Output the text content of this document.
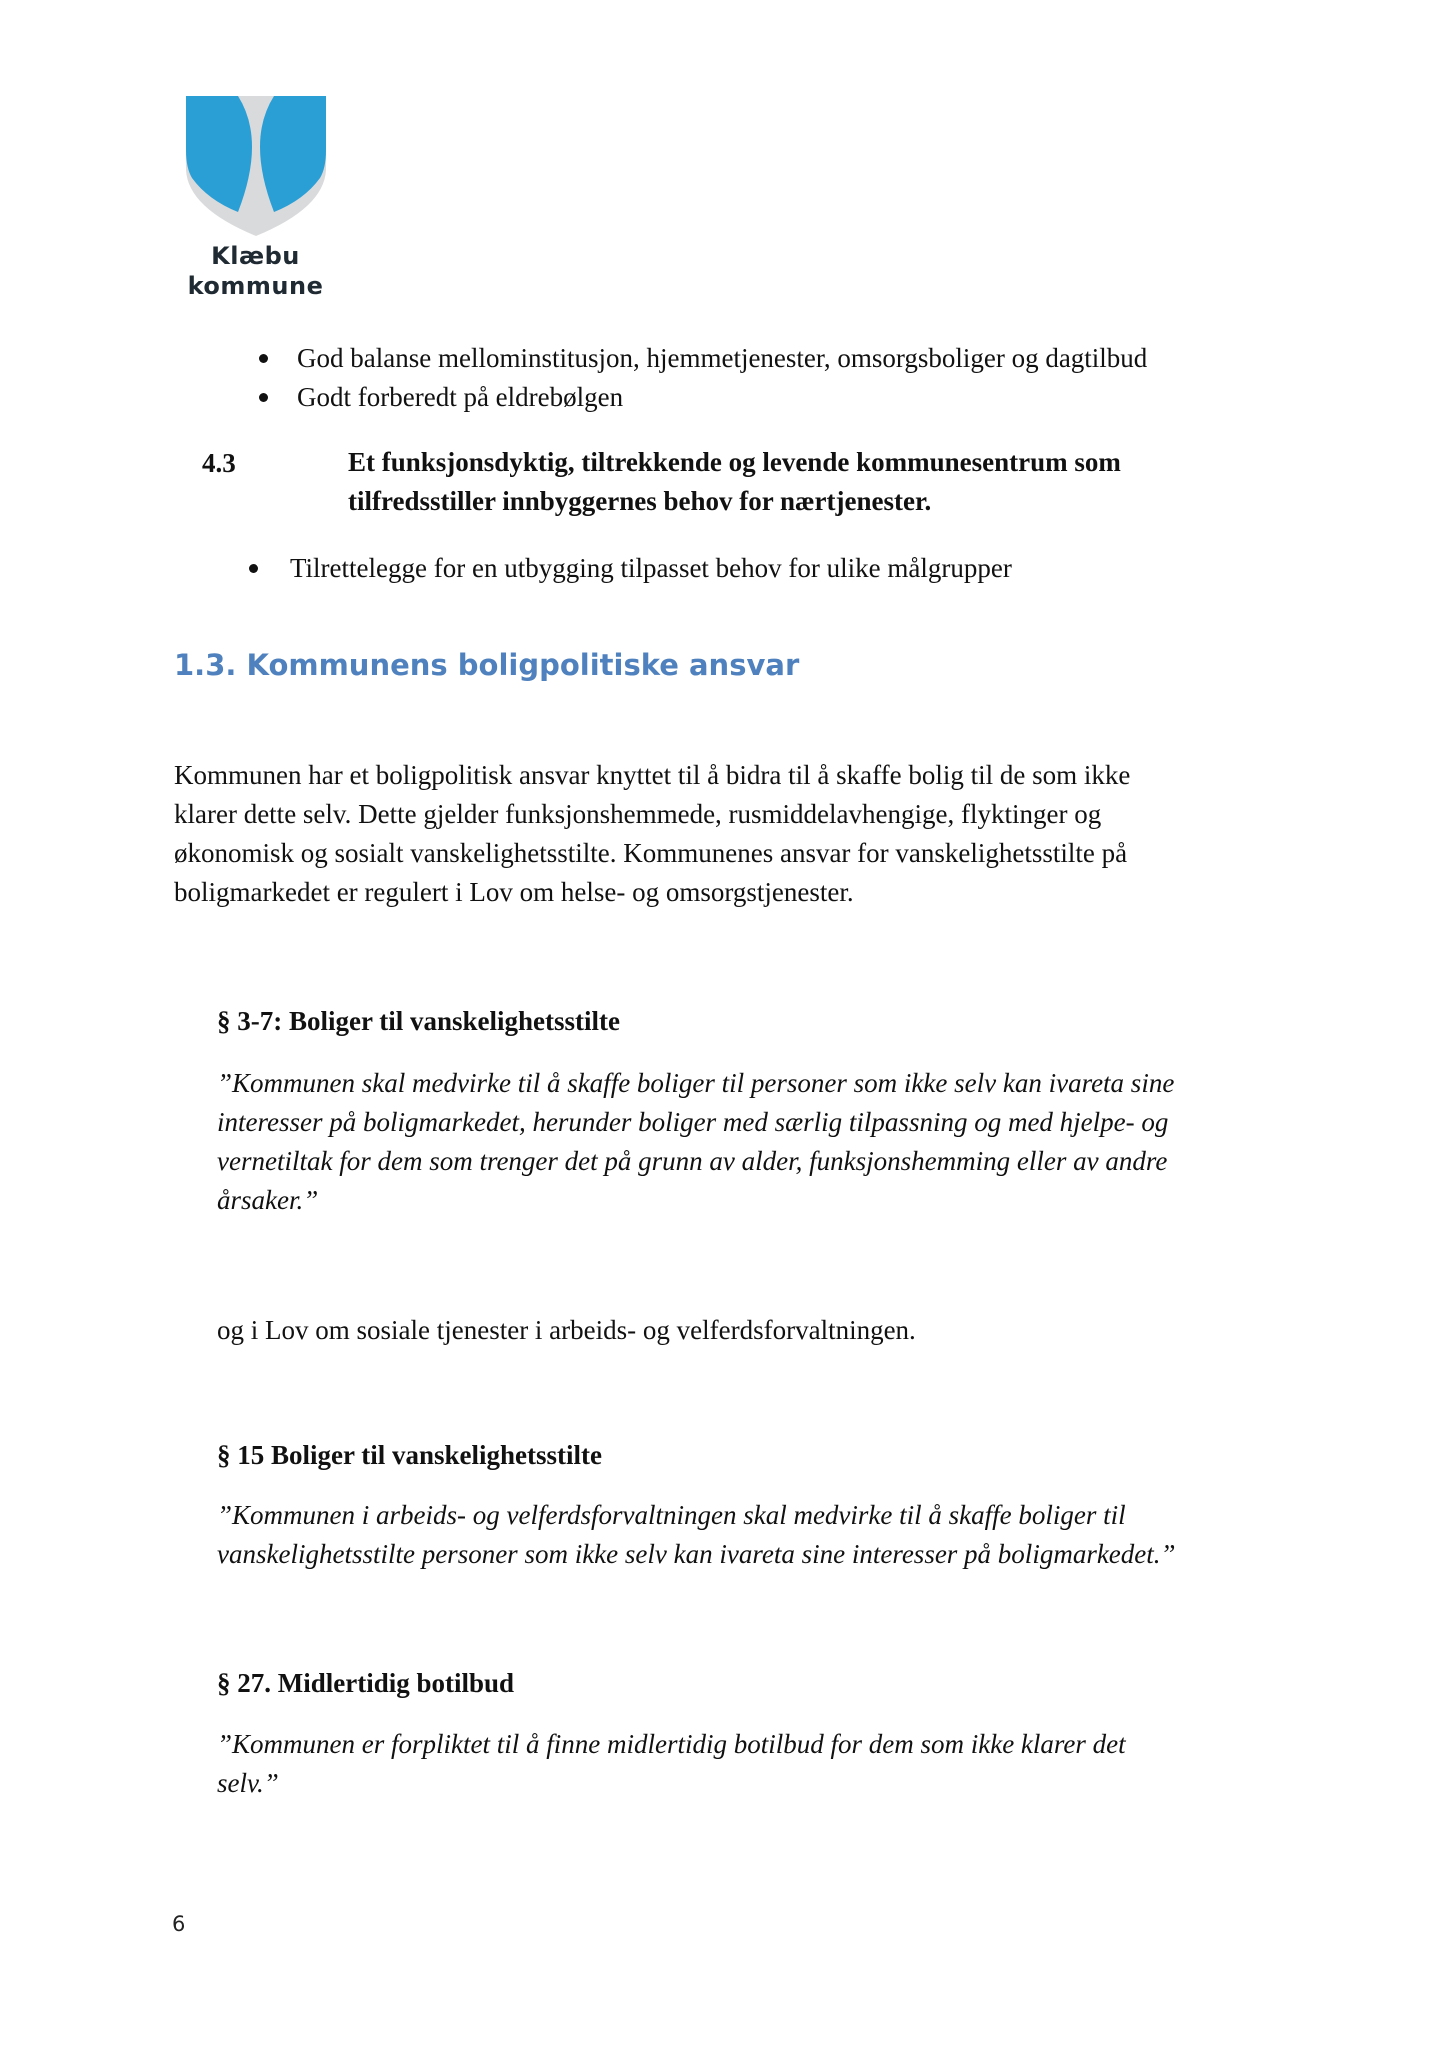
Klæbu
kommune
God balanse mellominstitusjon, hjemmetjenester, omsorgsboliger og dagtilbud
Godt forberedt på eldrebølgen
4.3	Et funksjonsdyktig, tiltrekkende og levende kommunesentrum som
tilfredsstiller innbyggernes behov for nærtjenester.
Tilrettelegge for en utbygging tilpasset behov for ulike målgrupper
1.3. Kommunens boligpolitiske ansvar
Kommunen har et boligpolitisk ansvar knyttet til å bidra til å skaffe bolig til de som ikke
klarer dette selv. Dette gjelder funksjonshemmede, rusmiddelavhengige, flyktinger og
økonomisk og sosialt vanskelighetsstilte. Kommunenes ansvar for vanskelighetsstilte på
boligmarkedet er regulert i Lov om helse- og omsorgstjenester.
§ 3-7: Boliger til vanskelighetsstilte
”Kommunen skal medvirke til å skaffe boliger til personer som ikke selv kan ivareta sine
interesser på boligmarkedet, herunder boliger med særlig tilpassning og med hjelpe- og
vernetiltak for dem som trenger det på grunn av alder, funksjonshemming eller av andre
årsaker.”
og i Lov om sosiale tjenester i arbeids- og velferdsforvaltningen.
§ 15 Boliger til vanskelighetsstilte
”Kommunen i arbeids- og velferdsforvaltningen skal medvirke til å skaffe boliger til
vanskelighetsstilte personer som ikke selv kan ivareta sine interesser på boligmarkedet.”
§ 27. Midlertidig botilbud
”Kommunen er forpliktet til å finne midlertidig botilbud for dem som ikke klarer det
selv.”
6
